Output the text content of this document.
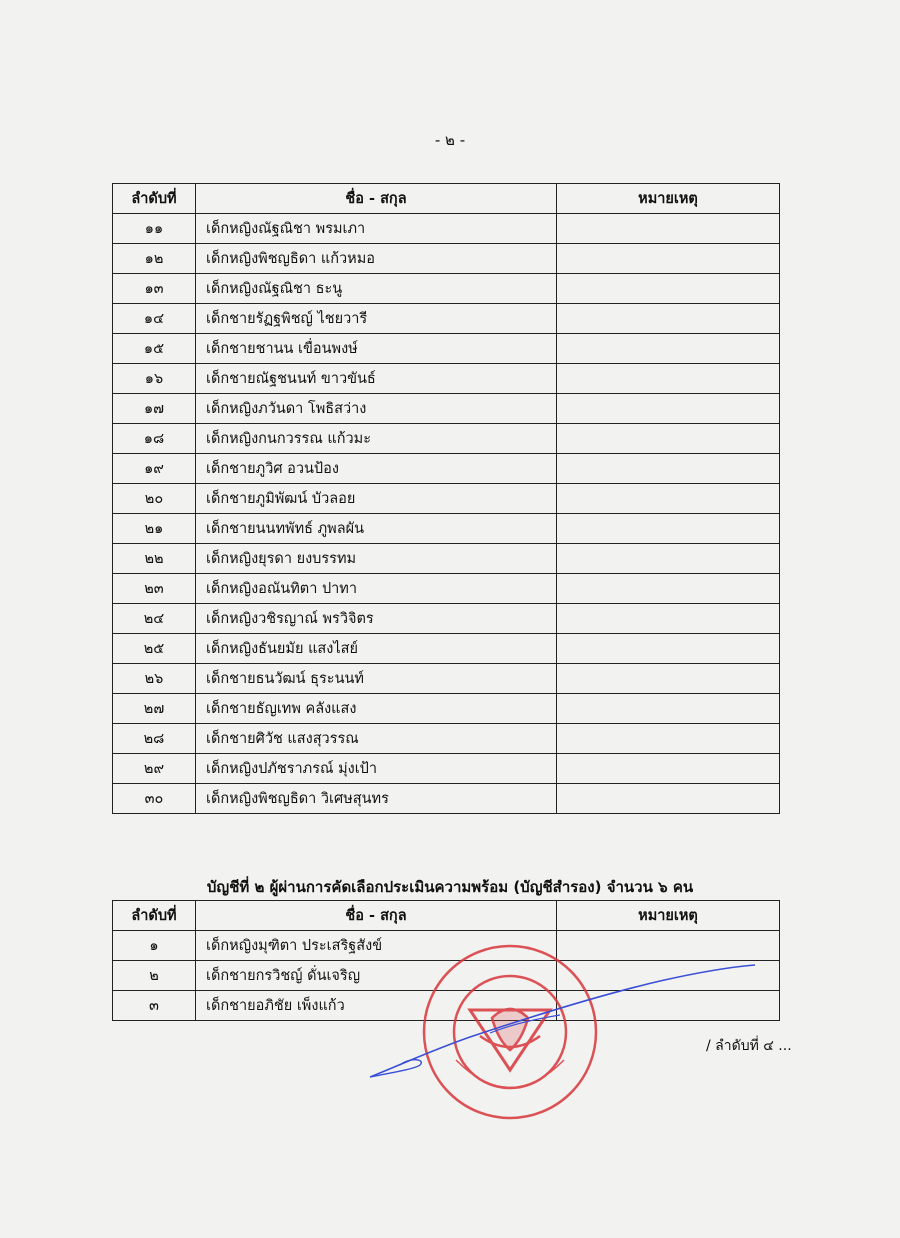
- ๒ -
ลำดับที่	ชื่อ - สกุล	หมายเหตุ
๑๑	เด็กหญิงณัฐณิชา พรมเภา	
๑๒	เด็กหญิงพิชญธิดา แก้วหมอ	
๑๓	เด็กหญิงณัฐณิชา ธะนู	
๑๔	เด็กชายรัฏฐพิชญ์ ไชยวารี	
๑๕	เด็กชายชานน เขื่อนพงษ์	
๑๖	เด็กชายณัฐชนนท์ ขาวขันธ์	
๑๗	เด็กหญิงภวันดา โพธิสว่าง	
๑๘	เด็กหญิงกนกวรรณ แก้วมะ	
๑๙	เด็กชายภูวิศ อวนป้อง	
๒๐	เด็กชายภูมิพัฒน์ บัวลอย	
๒๑	เด็กชายนนทพัทธ์ ภูพลผัน	
๒๒	เด็กหญิงยุรดา ยงบรรทม	
๒๓	เด็กหญิงอณันทิตา ปาทา	
๒๔	เด็กหญิงวชิรญาณ์ พรวิจิตร	
๒๕	เด็กหญิงธันยมัย แสงไสย์	
๒๖	เด็กชายธนวัฒน์ ธุระนนท์	
๒๗	เด็กชายธัญเทพ คลังแสง	
๒๘	เด็กชายศิวัช แสงสุวรรณ	
๒๙	เด็กหญิงปภัชราภรณ์ มุ่งเป้า	
๓๐	เด็กหญิงพิชญธิดา วิเศษสุนทร	
บัญชีที่ ๒ ผู้ผ่านการคัดเลือกประเมินความพร้อม (บัญชีสำรอง) จำนวน ๖ คน
ลำดับที่	ชื่อ - สกุล	หมายเหตุ
๑	เด็กหญิงมุฑิตา ประเสริฐสังข์	
๒	เด็กชายกรวิชญ์ ดั่นเจริญ	
๓	เด็กชายอภิชัย เพ็งแก้ว	
/ ลำดับที่ ๔ ...
